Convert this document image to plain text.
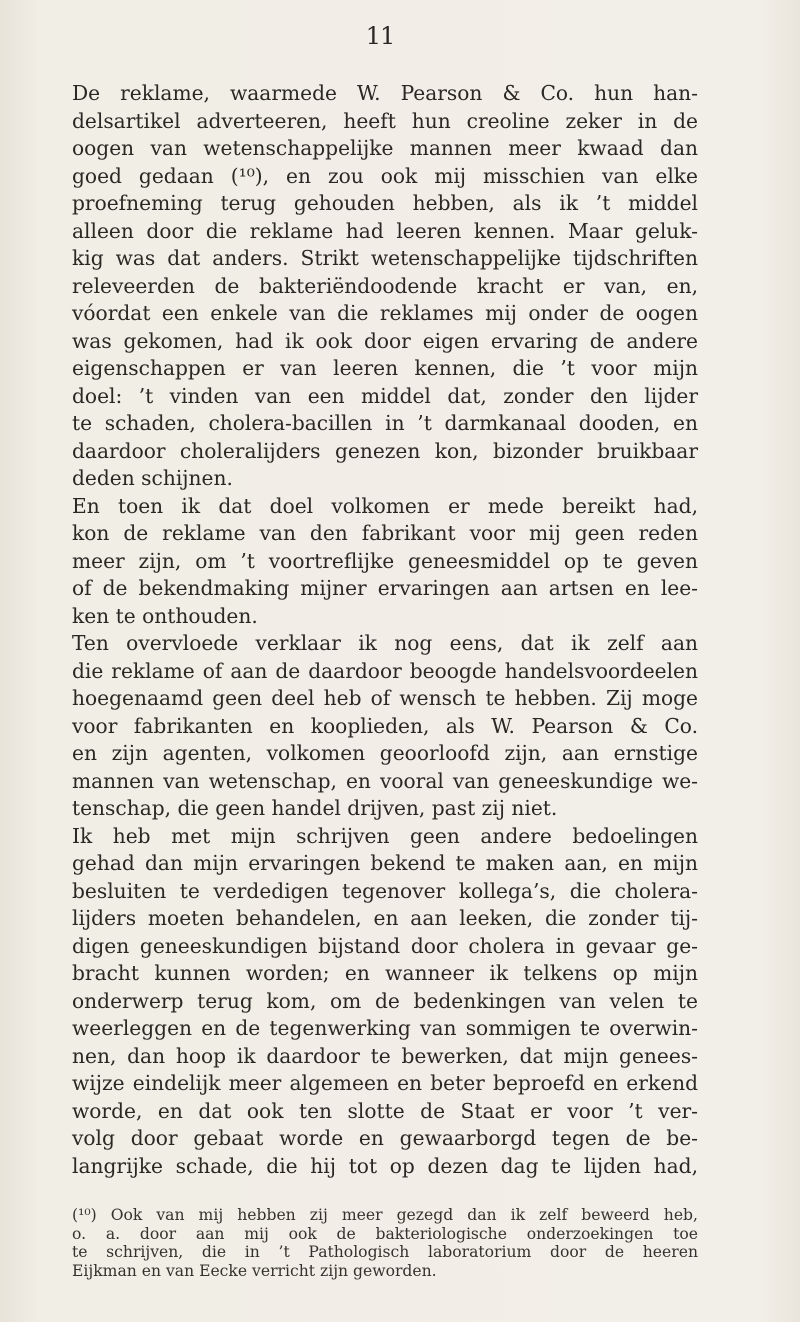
11
De reklame, waarmede W. Pearson & Co. hun han-
delsartikel adverteeren, heeft hun creoline zeker in de
oogen van wetenschappelijke mannen meer kwaad dan
goed gedaan (¹⁰), en zou ook mij misschien van elke
proefneming terug gehouden hebben, als ik ’t middel
alleen door die reklame had leeren kennen. Maar geluk-
kig was dat anders. Strikt wetenschappelijke tijdschriften
releveerden de bakteriëndoodende kracht er van, en,
vóordat een enkele van die reklames mij onder de oogen
was gekomen, had ik ook door eigen ervaring de andere
eigenschappen er van leeren kennen, die ’t voor mijn
doel: ’t vinden van een middel dat, zonder den lijder
te schaden, cholera-bacillen in ’t darmkanaal dooden, en
daardoor choleralijders genezen kon, bizonder bruikbaar
deden schijnen.
En toen ik dat doel volkomen er mede bereikt had,
kon de reklame van den fabrikant voor mij geen reden
meer zijn, om ’t voortreflijke geneesmiddel op te geven
of de bekendmaking mijner ervaringen aan artsen en lee-
ken te onthouden.
Ten overvloede verklaar ik nog eens, dat ik zelf aan
die reklame of aan de daardoor beoogde handelsvoordeelen
hoegenaamd geen deel heb of wensch te hebben. Zij moge
voor fabrikanten en kooplieden, als W. Pearson & Co.
en zijn agenten, volkomen geoorloofd zijn, aan ernstige
mannen van wetenschap, en vooral van geneeskundige we-
tenschap, die geen handel drijven, past zij niet.
Ik heb met mijn schrijven geen andere bedoelingen
gehad dan mijn ervaringen bekend te maken aan, en mijn
besluiten te verdedigen tegenover kollega’s, die cholera-
lijders moeten behandelen, en aan leeken, die zonder tij-
digen geneeskundigen bijstand door cholera in gevaar ge-
bracht kunnen worden; en wanneer ik telkens op mijn
onderwerp terug kom, om de bedenkingen van velen te
weerleggen en de tegenwerking van sommigen te overwin-
nen, dan hoop ik daardoor te bewerken, dat mijn genees-
wijze eindelijk meer algemeen en beter beproefd en erkend
worde, en dat ook ten slotte de Staat er voor ’t ver-
volg door gebaat worde en gewaarborgd tegen de be-
langrijke schade, die hij tot op dezen dag te lijden had,
(¹⁰) Ook van mij hebben zij meer gezegd dan ik zelf beweerd heb,
o. a. door aan mij ook de bakteriologische onderzoekingen toe
te schrijven, die in ’t Pathologisch laboratorium door de heeren
Eijkman en van Eecke verricht zijn geworden.
